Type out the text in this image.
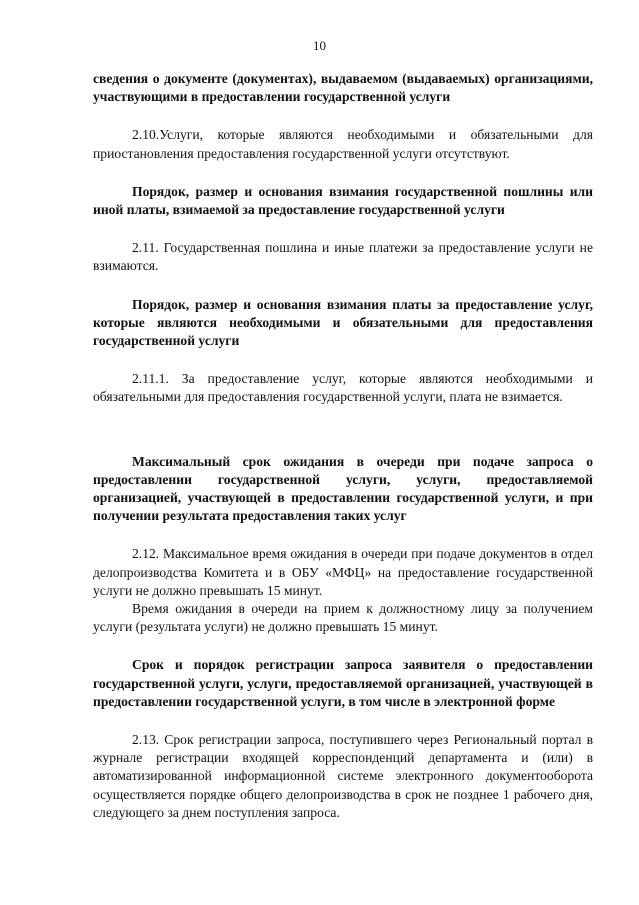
10

сведения о документе (документах), выдаваемом (выдаваемых) организациями, участвующими в предоставлении государственной услуги

2.10.Услуги, которые являются необходимыми и обязательными для приостановления предоставления государственной услуги отсутствуют.

Порядок, размер и основания взимания государственной пошлины или иной платы, взимаемой за предоставление государственной услуги

2.11. Государственная пошлина и иные платежи за предоставление услуги не взимаются.

Порядок, размер и основания взимания платы за предоставление услуг, которые являются необходимыми и обязательными для предоставления государственной услуги

2.11.1. За предоставление услуг, которые являются необходимыми и обязательными для предоставления государственной услуги, плата не взимается.

Максимальный срок ожидания в очереди при подаче запроса о предоставлении государственной услуги, услуги, предоставляемой организацией, участвующей в предоставлении государственной услуги, и при получении результата предоставления таких услуг

2.12. Максимальное время ожидания в очереди при подаче документов в отдел делопроизводства Комитета и в ОБУ «МФЦ» на предоставление государственной услуги не должно превышать 15 минут.

Время ожидания в очереди на прием к должностному лицу за получением услуги (результата услуги) не должно превышать 15 минут.

Срок и порядок регистрации запроса заявителя о предоставлении государственной услуги, услуги, предоставляемой организацией, участвующей в предоставлении государственной услуги, в том числе в электронной форме

2.13. Срок регистрации запроса, поступившего через Региональный портал в журнале регистрации входящей корреспонденций департамента и (или) в автоматизированной информационной системе электронного документооборота осуществляется порядке общего делопроизводства в срок не позднее 1 рабочего дня, следующего за днем поступления запроса.
